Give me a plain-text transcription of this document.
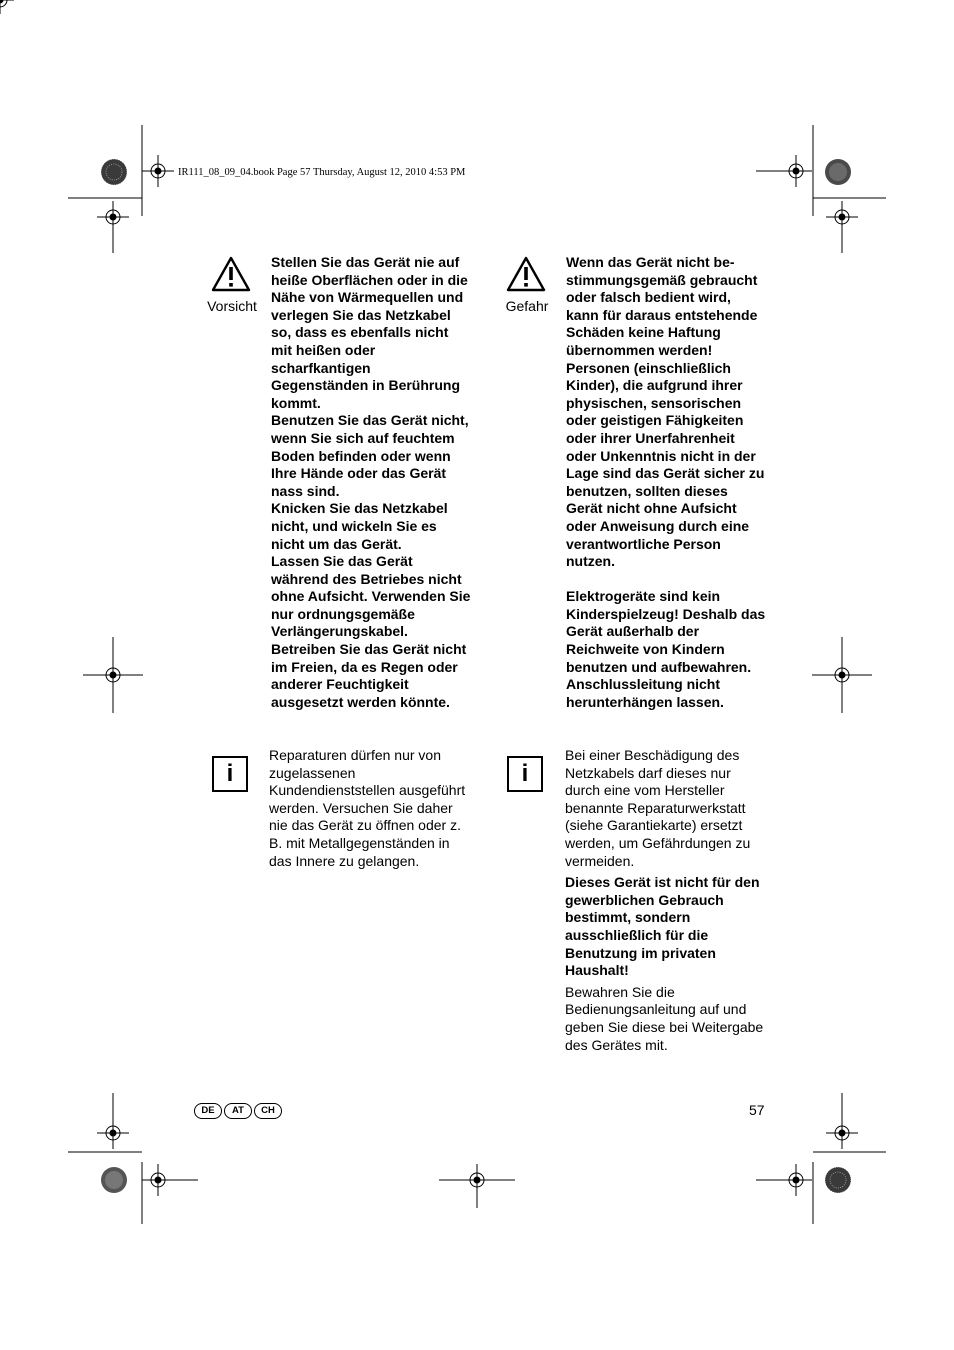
IR111_08_09_04.book Page 57 Thursday, August 12, 2010 4:53 PM
Vorsicht

Stellen Sie das Gerät nie auf heiße Oberflächen oder in die Nähe von Wärmequellen und verlegen Sie das Netzkabel so, dass es ebenfalls nicht mit heißen oder scharfkantigen Gegenständen in Berührung kommt.

Benutzen Sie das Gerät nicht, wenn Sie sich auf feuchtem Boden befinden oder wenn Ihre Hände oder das Gerät nass sind.

Knicken Sie das Netzkabel nicht, und wickeln Sie es nicht um das Gerät.

Lassen Sie das Gerät während des Betriebes nicht ohne Aufsicht. Verwenden Sie nur ordnungsgemäße Verlängerungskabel.

Betreiben Sie das Gerät nicht im Freien, da es Regen oder anderer Feuchtigkeit ausgesetzt werden könnte.

Gefahr

Wenn das Gerät nicht be-stimmungsgemäß gebraucht oder falsch bedient wird, kann für daraus entstehende Schäden keine Haftung übernommen werden!

Personen (einschließlich Kinder), die aufgrund ihrer physischen, sensorischen oder geistigen Fähigkeiten oder ihrer Unerfahrenheit oder Unkenntnis nicht in der Lage sind das Gerät sicher zu benutzen, sollten dieses Gerät nicht ohne Aufsicht oder Anweisung durch eine verantwortliche Person nutzen.

Elektrogeräte sind kein Kinderspielzeug! Deshalb das Gerät außerhalb der Reichweite von Kindern benutzen und aufbewahren. Anschlussleitung nicht herunterhängen lassen.

i
Reparaturen dürfen nur von zugelassenen Kundendienststellen ausgeführt werden. Versuchen Sie daher nie das Gerät zu öffnen oder z. B. mit Metallgegenständen in das Innere zu gelangen.
i

Bei einer Beschädigung des Netzkabels darf dieses nur durch eine vom Hersteller benannte Reparaturwerkstatt (siehe Garantiekarte) ersetzt werden, um Gefährdungen zu vermeiden.

Dieses Gerät ist nicht für den gewerblichen Gebrauch bestimmt, sondern ausschließlich für die Benutzung im privaten Haushalt!

Bewahren Sie die Bedienungsanleitung auf und geben Sie diese bei Weitergabe des Gerätes mit.

DE	AT	CH	57
